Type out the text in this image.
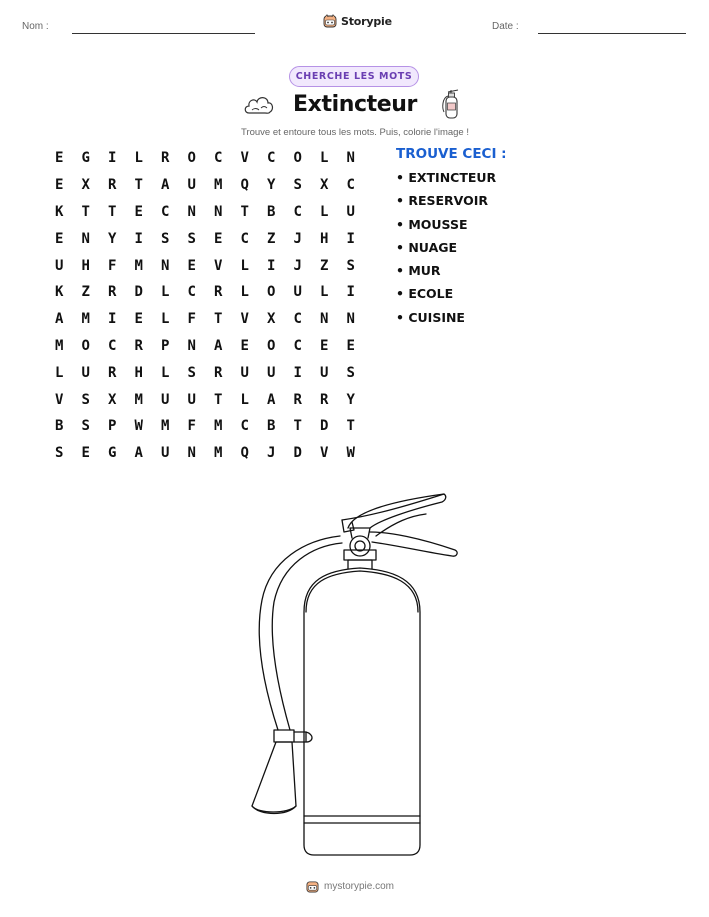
Nom :	Storypie	Date :
CHERCHE LES MOTS
Extincteur
Trouve et entoure tous les mots. Puis, colorie l'image !
E	G	I	L	R	O	C	V	C	O	L	N
E	X	R	T	A	U	M	Q	Y	S	X	C
K	T	T	E	C	N	N	T	B	C	L	U
E	N	Y	I	S	S	E	C	Z	J	H	I
U	H	F	M	N	E	V	L	I	J	Z	S
K	Z	R	D	L	C	R	L	O	U	L	I
A	M	I	E	L	F	T	V	X	C	N	N
M	O	C	R	P	N	A	E	O	C	E	E
L	U	R	H	L	S	R	U	U	I	U	S
V	S	X	M	U	U	T	L	A	R	R	Y
B	S	P	W	M	F	M	C	B	T	D	T
S	E	G	A	U	N	M	Q	J	D	V	W
TROUVE CECI :
• EXTINCTEUR
• RESERVOIR
• MOUSSE
• NUAGE
• MUR
• ECOLE
• CUISINE
mystorypie.com
